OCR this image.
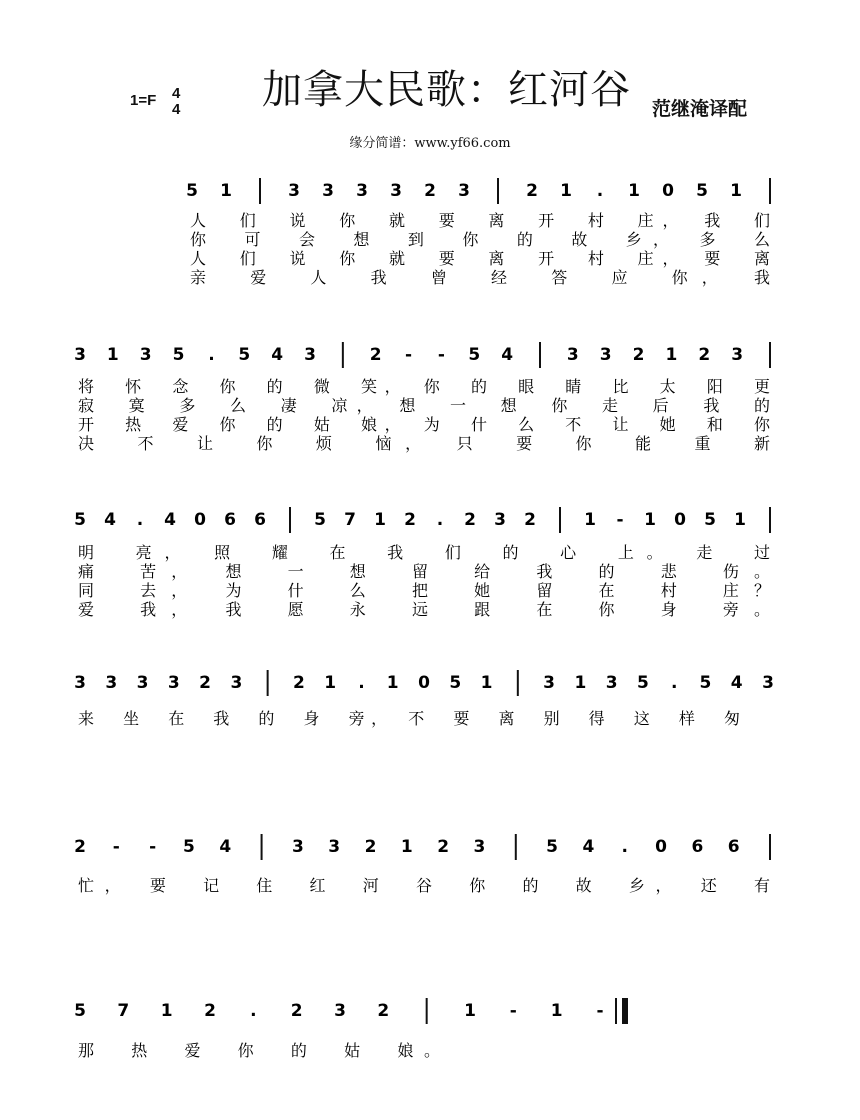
1=F 4
4 加拿大民歌：红河谷 范继淹译配
缘分简谱：www.yf66.com
5 1	3 3 3 3 2 3	2 1 . 1 0 5 1
人　们　说　你　就　要　离　开　村　庄，　我　们
你　可　会　想　到　你　的　故　乡，　多　么
人　们　说　你　就　要　离　开　村　庄，　要　离
亲　爱　人　我　曾　经　答　应　你，　我
3 1 3 5 . 5 4 3	2 - - 5 4	3 3 2 1 2 3
将　怀　念　你　的　微　笑，　你　的　眼　睛　比　太　阳　更
寂　寞　多　么　凄　凉，　想　一　想　你　走　后　我　的
开　热　爱　你　的　姑　娘，　为　什　么　不　让　她　和　你
决　不　让　你　烦　恼，　只　要　你　能　重　新
5 4 . 4 0 6 6	5 7 1 2 . 2 3 2	1 - 1 0 5 1
明　亮，　照　耀　在　我　们　的　心　上。　走　过
痛　苦，　想　一　想　留　给　我　的　悲　伤。
同　去，　为　什　么　把　她　留　在　村　庄？
爱　我，　我　愿　永　远　跟　在　你　身　旁。
3 3 3 3 2 3	2 1 . 1 0 5 1	3 1 3 5 . 5 4 3
来　坐　在　我　的　身　旁，　不　要　离　别　得　这　样　匆
2 - - 5 4	3 3 2 1 2 3	5 4 . 0 6 6
忙，　要　记　住　红　河　谷　你　的　故　乡，　还　有
5 7 1 2 . 2 3 2	1 - 1 -
那　热　爱　你　的　姑　娘。
